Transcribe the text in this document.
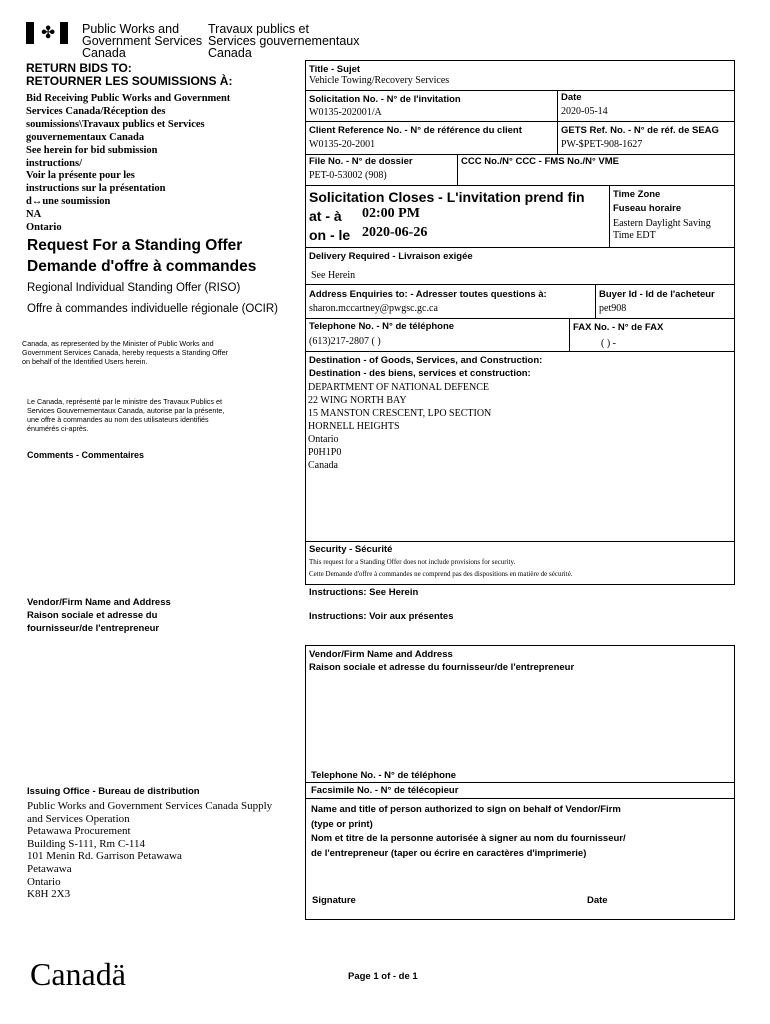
✤ Public Works and
Government Services
Canada
Travaux publics et
Services gouvernementaux
Canada
RETURN BIDS TO:
RETOURNER LES SOUMISSIONS À:
Bid Receiving Public Works and Government
Services Canada/Réception des
soumissions\Travaux publics et Services
gouvernementaux Canada
See herein for bid submission
instructions/
Voir la présente pour les
instructions sur la présentation
d↔une soumission
NA
Ontario
Request For a Standing Offer
Demande d'offre à commandes
Regional Individual Standing Offer (RISO)
Offre à commandes individuelle régionale (OCIR)
Canada, as represented by the Minister of Public Works and
Government Services Canada, hereby requests a Standing Offer
on behalf of the Identified Users herein.
Le Canada, représenté par le ministre des Travaux Publics et
Services Gouvernementaux Canada, autorise par la présente,
une offre à commandes au nom des utilisateurs identifiés
énumérés ci-après.
Comments - Commentaires
Vendor/Firm Name and Address
Raison sociale et adresse du
fournisseur/de l'entrepreneur
Issuing Office - Bureau de distribution
Public Works and Government Services Canada Supply
and Services Operation
Petawawa Procurement
Building S-111, Rm C-114
101 Menin Rd. Garrison Petawawa
Petawawa
Ontario
K8H 2X3
Title - Sujet
Vehicle Towing/Recovery Services
Solicitation No. - N° de l'invitation
W0135-202001/A
Date
2020-05-14
Client Reference No. - N° de référence du client
W0135-20-2001
GETS Ref. No. - N° de réf. de SEAG
PW-$PET-908-1627
File No. - N° de dossier
PET-0-53002 (908)
CCC No./N° CCC - FMS No./N° VME
Solicitation Closes - L'invitation prend fin
at - à 02:00 PM
on - le 2020-06-26
Time Zone
Fuseau horaire
Eastern Daylight Saving
Time EDT
Delivery Required - Livraison exigée
See Herein
Address Enquiries to: - Adresser toutes questions à:
sharon.mccartney@pwgsc.gc.ca
Buyer Id - Id de l'acheteur
pet908
Telephone No. - N° de téléphone
(613)217-2807 ( )
FAX No. - N° de FAX
( ) -
Destination - of Goods, Services, and Construction:
Destination - des biens, services et construction:
DEPARTMENT OF NATIONAL DEFENCE
22 WING NORTH BAY
15 MANSTON CRESCENT, LPO SECTION
HORNELL HEIGHTS
Ontario
P0H1P0
Canada
Security - Sécurité
This request for a Standing Offer does not include provisions for security.
Cette Demande d'offre à commandes ne comprend pas des dispositions en matière de sécurité.
Instructions: See Herein
Instructions: Voir aux présentes
Vendor/Firm Name and Address
Raison sociale et adresse du fournisseur/de l'entrepreneur
Telephone No. - N° de téléphone
Facsimile No. - N° de télécopieur
Name and title of person authorized to sign on behalf of Vendor/Firm
(type or print)
Nom et titre de la personne autorisée à signer au nom du fournisseur/
de l'entrepreneur (taper ou écrire en caractères d'imprimerie)
Signature	Date
Canadä	Page 1 of - de 1
